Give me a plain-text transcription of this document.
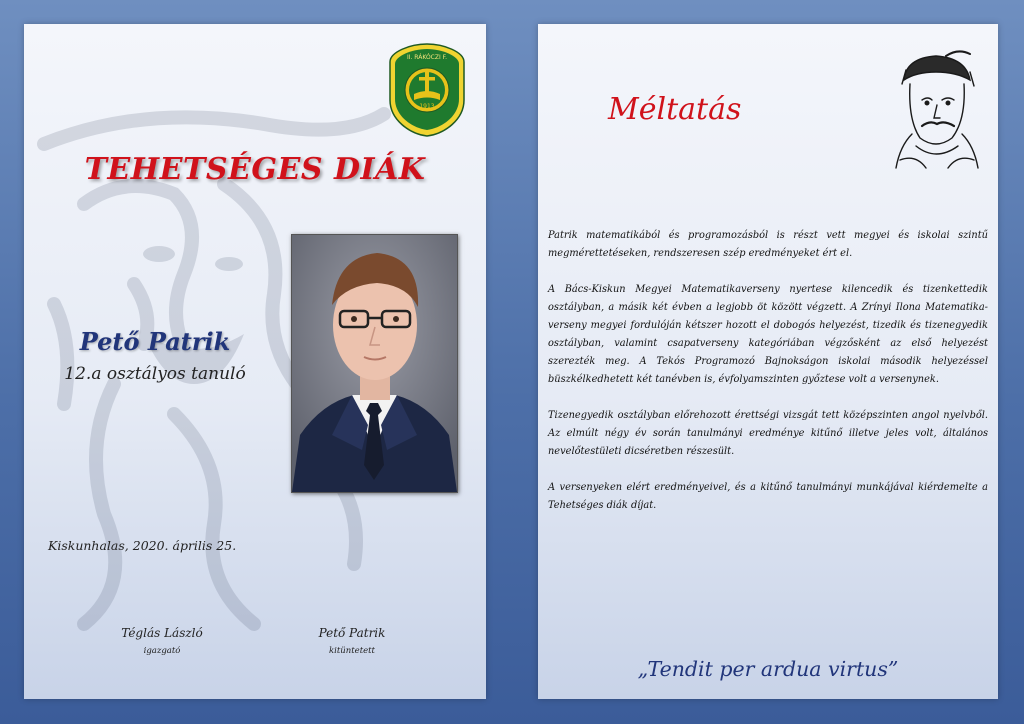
1913
II. RÁKÓCZI F.
TEHETSÉGES DIÁK
Pető Patrik
12.a osztályos tanuló
Kiskunhalas, 2020. április 25.
Téglás László
igazgató
Pető Patrik
kitüntetett
Méltatás

Patrik matematikából és programozásból is részt vett megyei és iskolai szintű megmérettetéseken, rendszeresen szép eredményeket ért el.

A Bács-Kiskun Megyei Matematikaverseny nyertese kilencedik és tizenkettedik osztályban, a másik két évben a legjobb öt között végzett. A Zrínyi Ilona Matematika-verseny megyei fordulóján kétszer hozott el dobogós helyezést, tizedik és tizenegyedik osztályban, valamint csapatverseny kategóriában végzősként az első helyezést szerezték meg. A Tekós Programozó Bajnokságon iskolai második helyezéssel büszkélkedhetett két tanévben is, évfolyamszinten győztese volt a versenynek.

Tizenegyedik osztályban előrehozott érettségi vizsgát tett középszinten angol nyelvből. Az elmúlt négy év során tanulmányi eredménye kitűnő illetve jeles volt, általános nevelőtestületi dicséretben részesült.

A versenyeken elért eredményeivel, és a kitűnő tanulmányi munkájával kiérdemelte a Tehetséges diák díjat.

„Tendit per ardua virtus”
